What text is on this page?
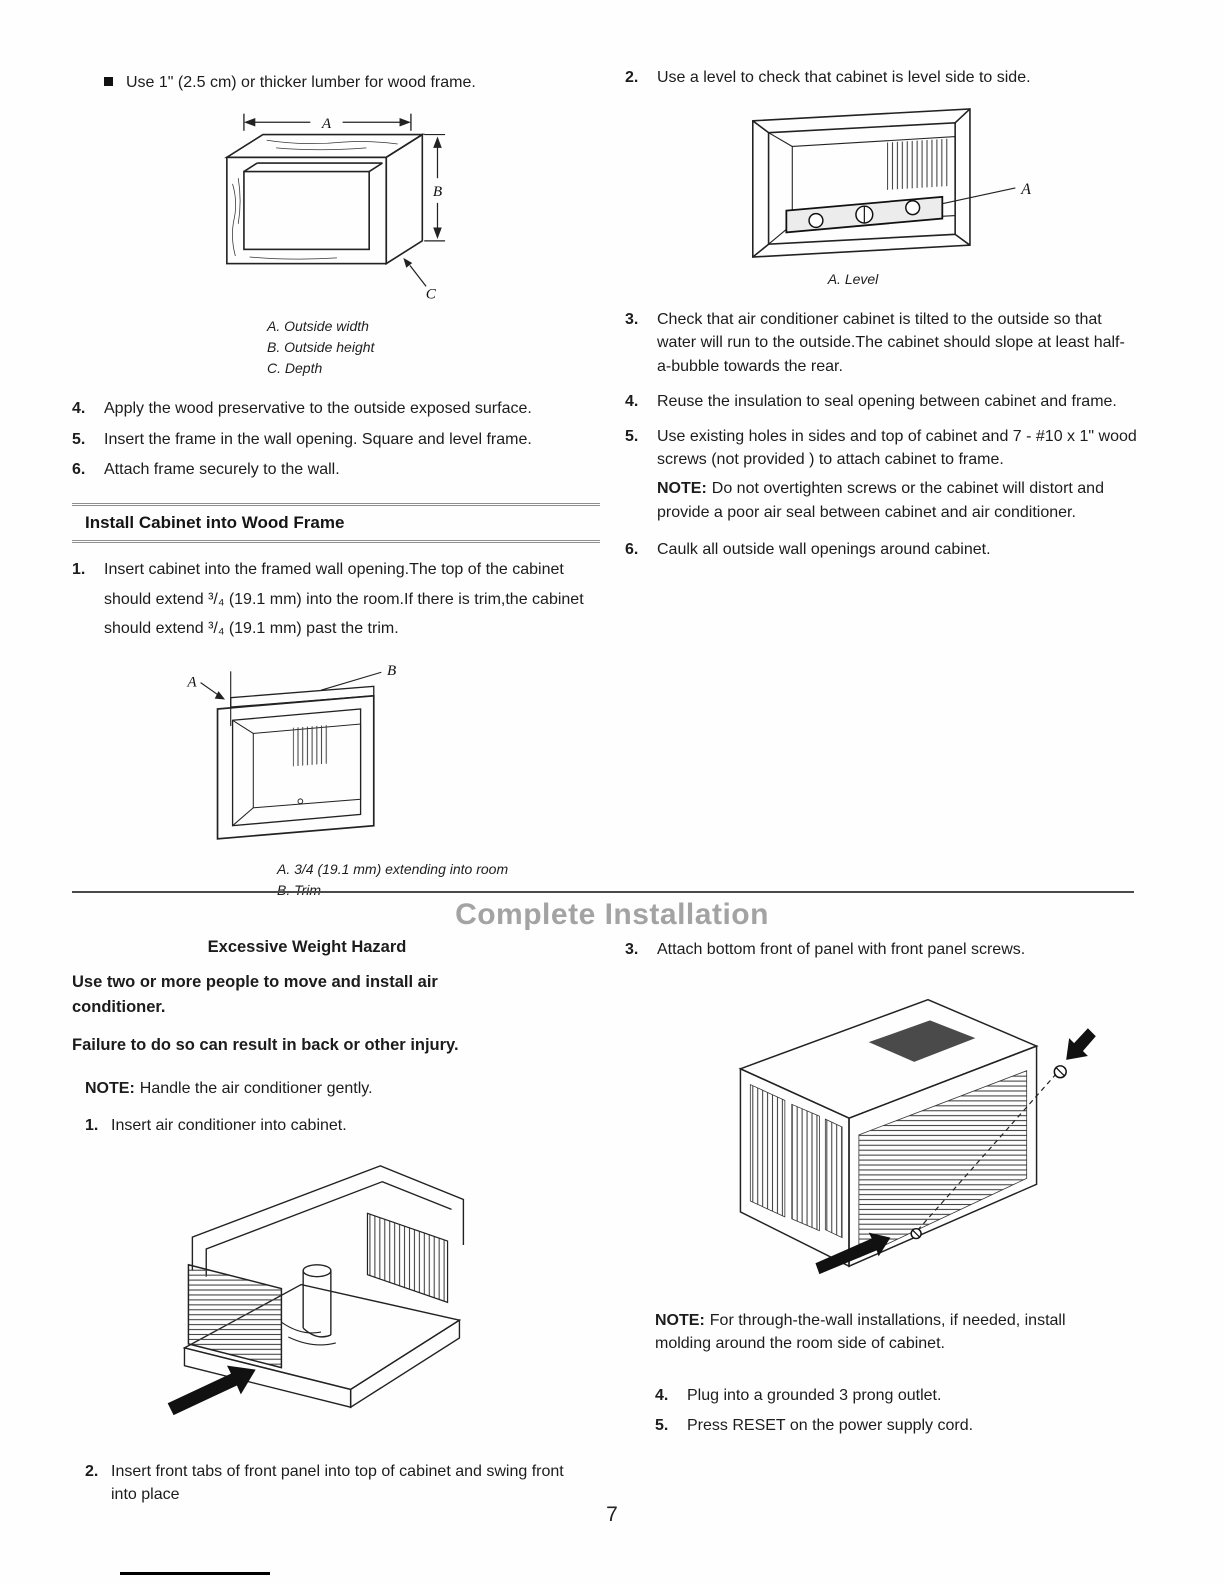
Use 1" (2.5 cm) or thicker lumber for wood frame.
A
B
C
A. Outside width
B. Outside height
C. Depth
4.	Apply the wood preservative to the outside exposed surface.
5.	Insert the frame in the wall opening. Square and level frame.
6.	Attach frame securely to the wall.
Install Cabinet into Wood Frame
1.	Insert cabinet into the framed wall opening.The top of the cabinet should extend ³/₄ (19.1 mm) into the room.If there is trim,the cabinet should extend ³/₄ (19.1 mm) past the trim.
A
B
A. 3/4 (19.1 mm) extending into room
B. Trim
2.	Use a level to check that cabinet is level side to side.
A
A. Level
3.	Check that air conditioner cabinet is tilted to the outside so that water will run to the outside.The cabinet should slope at least half-a-bubble towards the rear.
4.	Reuse the insulation to seal opening between cabinet and frame.
5.	Use existing holes in sides and top of cabinet and 7 - #10 x 1" wood screws (not provided ) to attach cabinet to frame.

NOTE: Do not overtighten screws or the cabinet will distort and provide a poor air seal between cabinet and air conditioner.

6.	Caulk all outside wall openings around cabinet.
Complete Installation
Excessive Weight Hazard

Use two or more people to move and install air conditioner.

Failure to do so can result in back or other injury.

NOTE: Handle the air conditioner gently.

1. Insert air conditioner into cabinet.
2. Insert front tabs of front panel into top of cabinet and swing front into place
3.	Attach bottom front of panel with front panel screws.

NOTE: For through-the-wall installations, if needed, install molding around the room side of cabinet.

4.	Plug into a grounded 3 prong outlet.
5.	Press RESET on the power supply cord.
7
